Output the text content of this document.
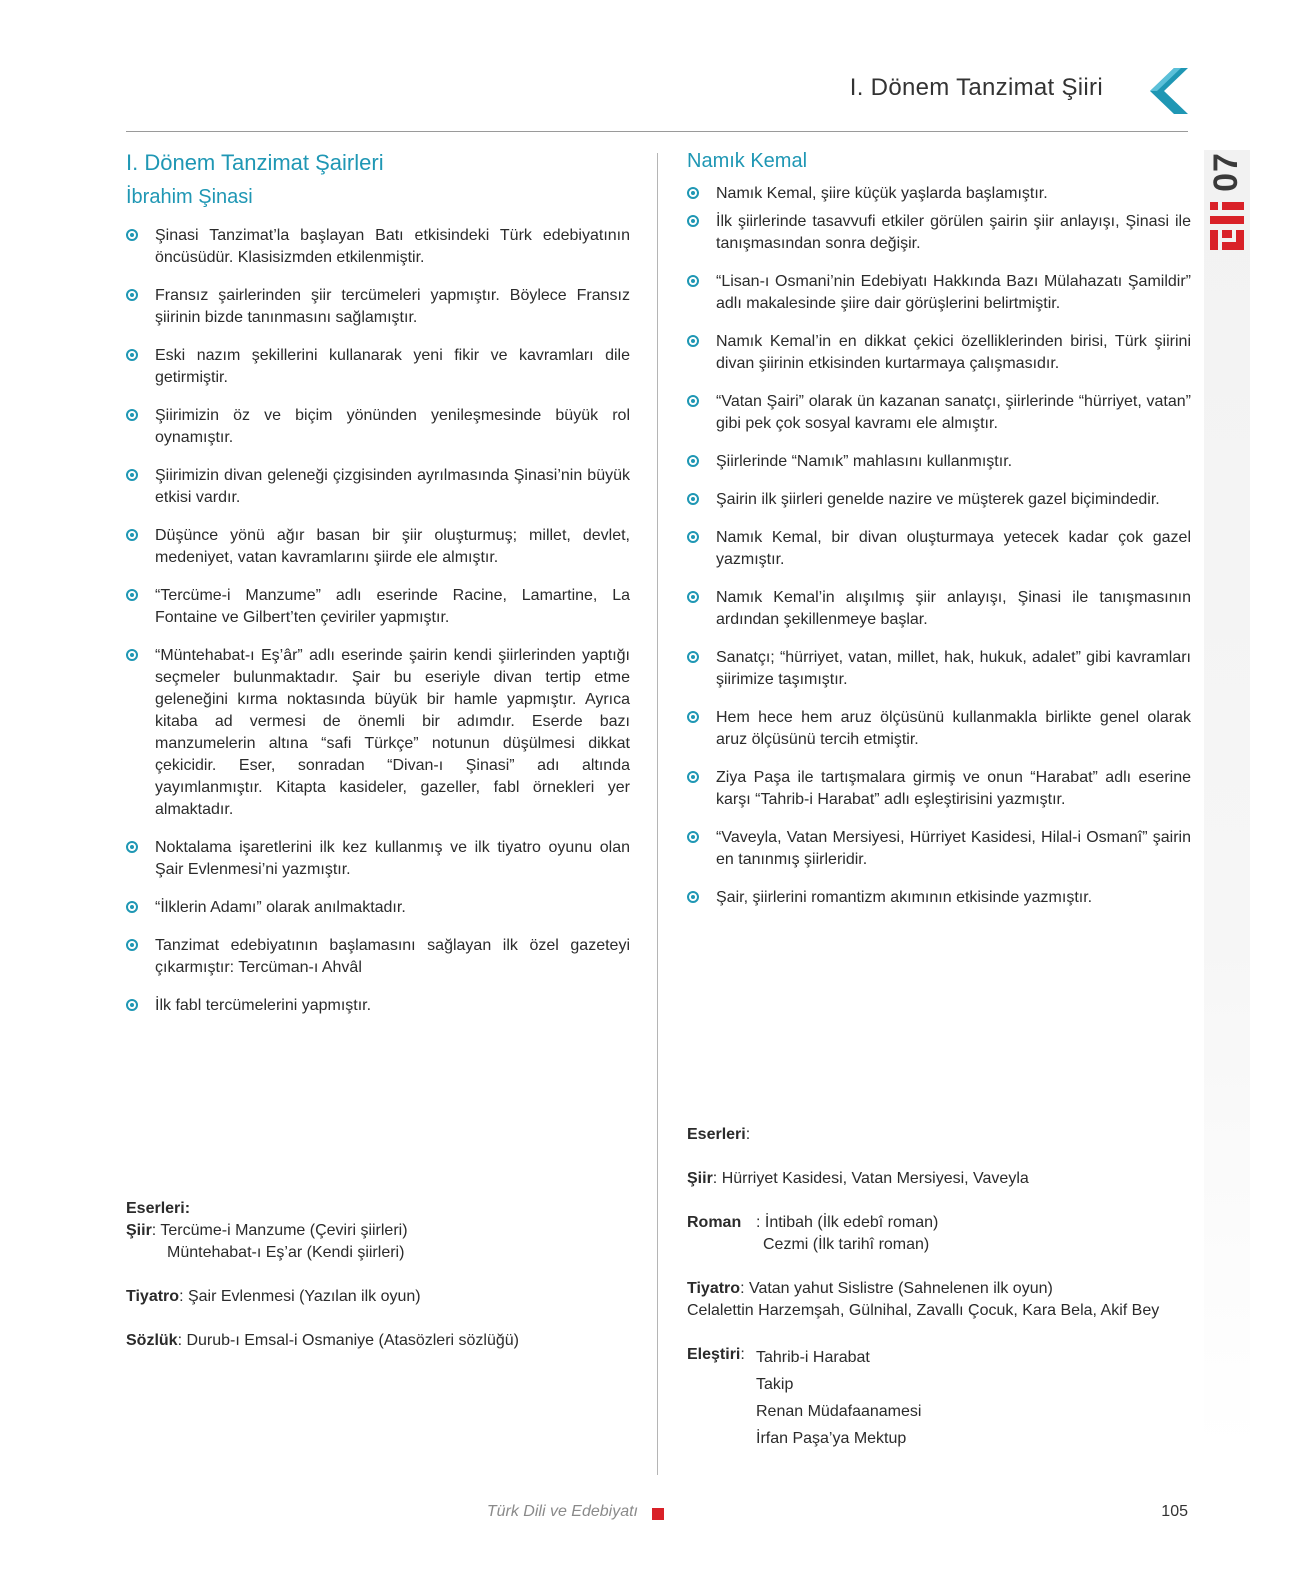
I. Dönem Tanzimat Şiiri
07
I. Dönem Tanzimat Şairleri
İbrahim Şinasi
Şinasi Tanzimat’la başlayan Batı etkisindeki Türk edebiyatının öncüsüdür. Klasisizmden etkilenmiştir.
Fransız şairlerinden şiir tercümeleri yapmıştır. Böylece Fransız şiirinin bizde tanınmasını sağlamıştır.
Eski nazım şekillerini kullanarak yeni fikir ve kavramları dile getirmiştir.
Şiirimizin öz ve biçim yönünden yenileşmesinde büyük rol oynamıştır.
Şiirimizin divan geleneği çizgisinden ayrılmasında Şinasi’nin büyük etkisi vardır.
Düşünce yönü ağır basan bir şiir oluşturmuş; millet, devlet, medeniyet, vatan kavramlarını şiirde ele almıştır.
“Tercüme-i Manzume” adlı eserinde Racine, Lamartine, La Fontaine ve Gilbert’ten çeviriler yapmıştır.
“Müntehabat-ı Eş’âr” adlı eserinde şairin kendi şiirlerinden yaptığı seçmeler bulunmaktadır. Şair bu eseriyle divan tertip etme geleneğini kırma noktasında büyük bir hamle yapmıştır. Ayrıca kitaba ad vermesi de önemli bir adımdır. Eserde bazı manzumelerin altına “safi Türkçe” notunun düşülmesi dikkat çekicidir. Eser, sonradan “Divan-ı Şinasi” adı altında yayımlanmıştır. Kitapta kasideler, gazeller, fabl örnekleri yer almaktadır.
Noktalama işaretlerini ilk kez kullanmış ve ilk tiyatro oyunu olan Şair Evlenmesi’ni yazmıştır.
“İlklerin Adamı” olarak anılmaktadır.
Tanzimat edebiyatının başlamasını sağlayan ilk özel gazeteyi çıkarmıştır: Tercüman-ı Ahvâl
İlk fabl tercümelerini yapmıştır.

Eserleri:

Şiir: Tercüme-i Manzume (Çeviri şiirleri)

Müntehabat-ı Eş’ar (Kendi şiirleri)

Tiyatro: Şair Evlenmesi (Yazılan ilk oyun)

Sözlük: Durub-ı Emsal-i Osmaniye (Atasözleri sözlüğü)

Namık Kemal
Namık Kemal, şiire küçük yaşlarda başlamıştır.
İlk şiirlerinde tasavvufi etkiler görülen şairin şiir anlayışı, Şinasi ile tanışmasından sonra değişir.
“Lisan-ı Osmani’nin Edebiyatı Hakkında Bazı Mülahazatı Şamildir” adlı makalesinde şiire dair görüşlerini belirtmiştir.
Namık Kemal’in en dikkat çekici özelliklerinden birisi, Türk şiirini divan şiirinin etkisinden kurtarmaya çalışmasıdır.
“Vatan Şairi” olarak ün kazanan sanatçı, şiirlerinde “hürriyet, vatan” gibi pek çok sosyal kavramı ele almıştır.
Şiirlerinde “Namık” mahlasını kullanmıştır.
Şairin ilk şiirleri genelde nazire ve müşterek gazel biçimindedir.
Namık Kemal, bir divan oluşturmaya yetecek kadar çok gazel yazmıştır.
Namık Kemal’in alışılmış şiir anlayışı, Şinasi ile tanışmasının ardından şekillenmeye başlar.
Sanatçı; “hürriyet, vatan, millet, hak, hukuk, adalet” gibi kavramları şiirimize taşımıştır.
Hem hece hem aruz ölçüsünü kullanmakla birlikte genel olarak aruz ölçüsünü tercih etmiştir.
Ziya Paşa ile tartışmalara girmiş ve onun “Harabat” adlı eserine karşı “Tahrib-i Harabat” adlı eşleştirisini yazmıştır.
“Vaveyla, Vatan Mersiyesi, Hürriyet Kasidesi, Hilal-i Osmanî” şairin en tanınmış şiirleridir.
Şair, şiirlerini romantizm akımının etkisinde yazmıştır.

Eserleri:

Şiir: Hürriyet Kasidesi, Vatan Mersiyesi, Vaveyla

Roman : İntibah (İlk edebî roman)
Cezmi (İlk tarihî roman)

Tiyatro: Vatan yahut Sislistre (Sahnelenen ilk oyun)

Celalettin Harzemşah, Gülnihal, Zavallı Çocuk, Kara Bela, Akif Bey

Eleştiri: Tahrib-i Harabat
Takip
Renan Müdafaanamesi
İrfan Paşa’ya Mektup
Türk Dili ve Edebiyatı	105
